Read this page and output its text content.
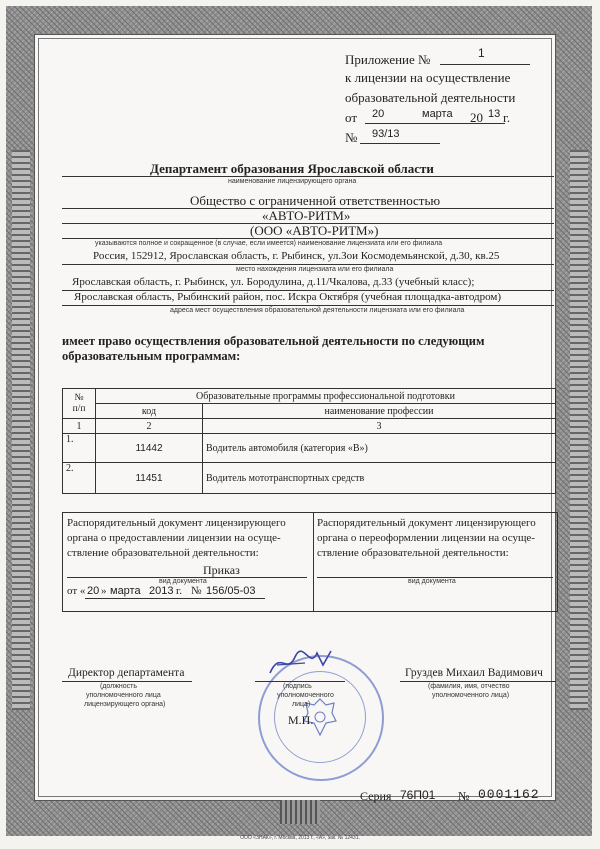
Приложение №	1
к лицензии на осуществление
образовательной деятельности
от 20	марта 20 13 г.
№ 93/13
Департамент образования Ярославской области
наименование лицензирующего органа
Общество с ограниченной ответственностью
«АВТО-РИТМ»
(ООО «АВТО-РИТМ»)
указываются полное и сокращенное (в случае, если имеется) наименование лицензиата или его филиала
Россия, 152912, Ярославская область, г. Рыбинск, ул.Зои Космодемьянской, д.30, кв.25
место нахождения лицензиата или его филиала
Ярославская область, г. Рыбинск, ул. Бородулина, д.11/Чкалова, д.33 (учебный класс);
Ярославская область, Рыбинский район, пос. Искра Октября (учебная площадка-автодром)
адреса мест осуществления образовательной деятельности лицензиата или его филиала
имеет право осуществления образовательной деятельности по следующим
образовательным программам:
№
п/п	Образовательные программы профессиональной подготовки	
	код	наименование профессии
1	2	3
1.	11442	Водитель автомобиля (категория «В»)
2.	11451	Водитель мототранспортных средств
Распорядительный документ лицензирующего
органа о предоставлении лицензии на осуще-
ствление образовательной деятельности:
Приказ
вид документа
от « 20 » марта 2013 г. № 156/05-03
Распорядительный документ лицензирующего
органа о переоформлении лицензии на осуще-
ствление образовательной деятельности:
вид документа
Директор департамента
(должность
уполномоченного лица
лицензирующего органа)
(подпись
уполномоченного
лица)
М.П.
Груздев Михаил Вадимович
(фамилия, имя, отчество
уполномоченного лица)
Серия 76П01 № 0001162
ООО «ЗНАК», г. Москва, 2013 г., «А», зак. № 12431.
